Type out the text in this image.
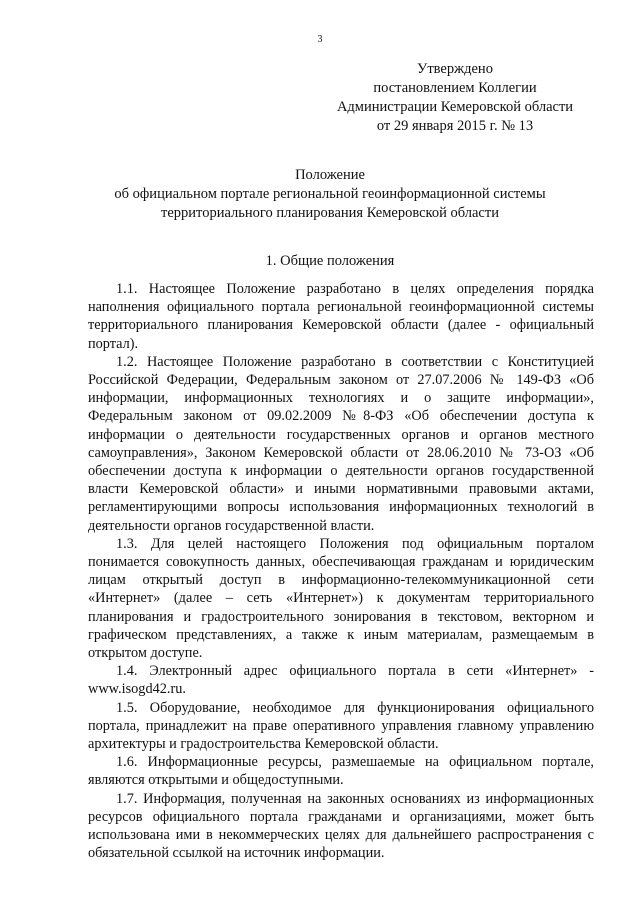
3
Утверждено
постановлением Коллегии
Администрации Кемеровской области
от 29 января 2015 г. № 13
Положение
об официальном портале региональной геоинформационной системы
территориального планирования Кемеровской области
1. Общие положения

1.1. Настоящее Положение разработано в целях определения порядка наполнения официального портала региональной геоинформационной системы территориального планирования Кемеровской области (далее - официальный портал).

1.2. Настоящее Положение разработано в соответствии с Конституцией Российской Федерации, Федеральным законом от 27.07.2006 № 149-ФЗ «Об информации, информационных технологиях и о защите информации», Федеральным законом от 09.02.2009 №8-ФЗ «Об обеспечении доступа к информации о деятельности государственных органов и органов местного самоуправления», Законом Кемеровской области от 28.06.2010 № 73-ОЗ «Об обеспечении доступа к информации о деятельности органов государственной власти Кемеровской области» и иными нормативными правовыми актами, регламентирующими вопросы использования информационных технологий в деятельности органов государственной власти.

1.3. Для целей настоящего Положения под официальным порталом понимается совокупность данных, обеспечивающая гражданам и юридическим лицам открытый доступ в информационно-телекоммуникационной сети «Интернет» (далее – сеть «Интернет») к документам территориального планирования и градостроительного зонирования в текстовом, векторном и графическом представлениях, а также к иным материалам, размещаемым в открытом доступе.

1.4. Электронный адрес официального портала в сети «Интернет» - www.isogd42.ru.

1.5. Оборудование, необходимое для функционирования официального портала, принадлежит на праве оперативного управления главному управлению архитектуры и градостроительства Кемеровской области.

1.6. Информационные ресурсы, размешаемые на официальном портале, являются открытыми и общедоступными.

1.7. Информация, полученная на законных основаниях из информационных ресурсов официального портала гражданами и организациями, может быть использована ими в некоммерческих целях для дальнейшего распространения с обязательной ссылкой на источник информации.
